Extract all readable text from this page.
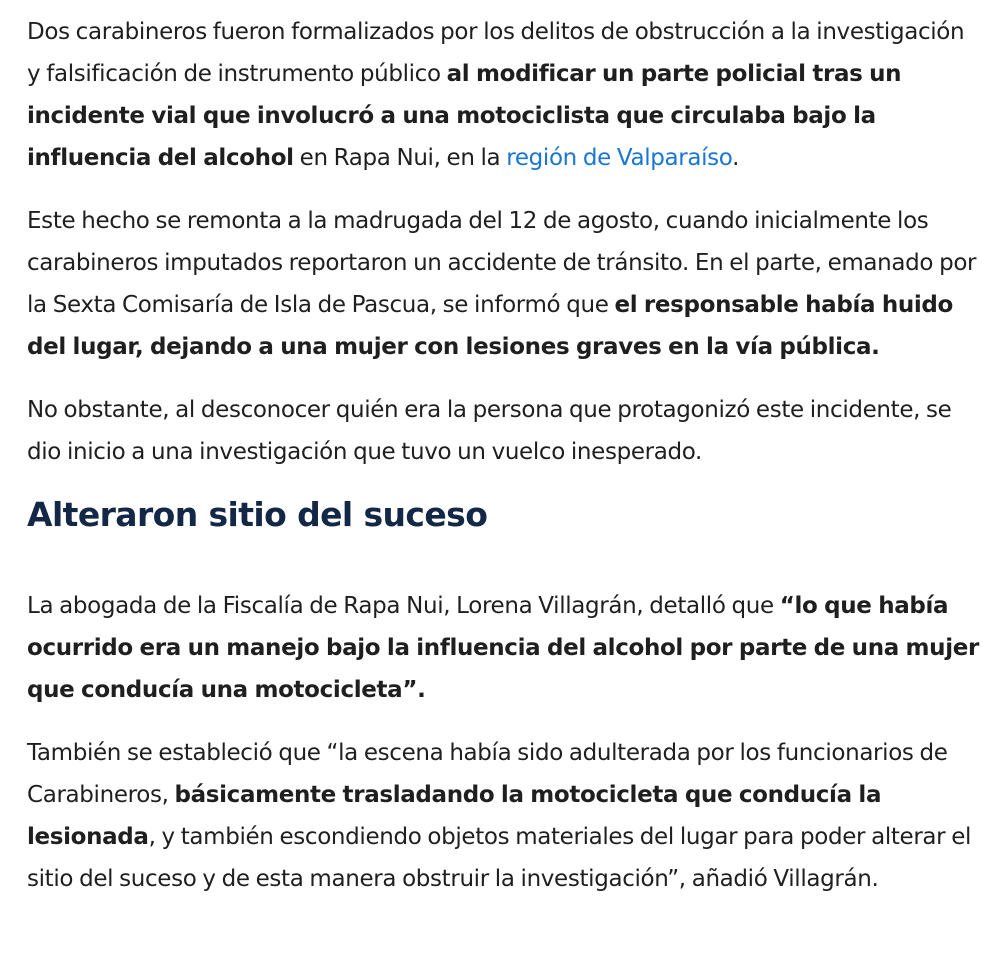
Dos carabineros fueron formalizados por los delitos de obstrucción a la investigación y falsificación de instrumento público al modificar un parte policial tras un incidente vial que involucró a una motociclista que circulaba bajo la influencia del alcohol en Rapa Nui, en la región de Valparaíso.

Este hecho se remonta a la madrugada del 12 de agosto, cuando inicialmente los carabineros imputados reportaron un accidente de tránsito. En el parte, emanado por la Sexta Comisaría de Isla de Pascua, se informó que el responsable había huido del lugar, dejando a una mujer con lesiones graves en la vía pública.

No obstante, al desconocer quién era la persona que protagonizó este incidente, se dio inicio a una investigación que tuvo un vuelco inesperado.

Alteraron sitio del suceso

La abogada de la Fiscalía de Rapa Nui, Lorena Villagrán, detalló que “lo que había ocurrido era un manejo bajo la influencia del alcohol por parte de una mujer que conducía una motocicleta”.

También se estableció que “la escena había sido adulterada por los funcionarios de Carabineros, básicamente trasladando la motocicleta que conducía la lesionada, y también escondiendo objetos materiales del lugar para poder alterar el sitio del suceso y de esta manera obstruir la investigación”, añadió Villagrán.
